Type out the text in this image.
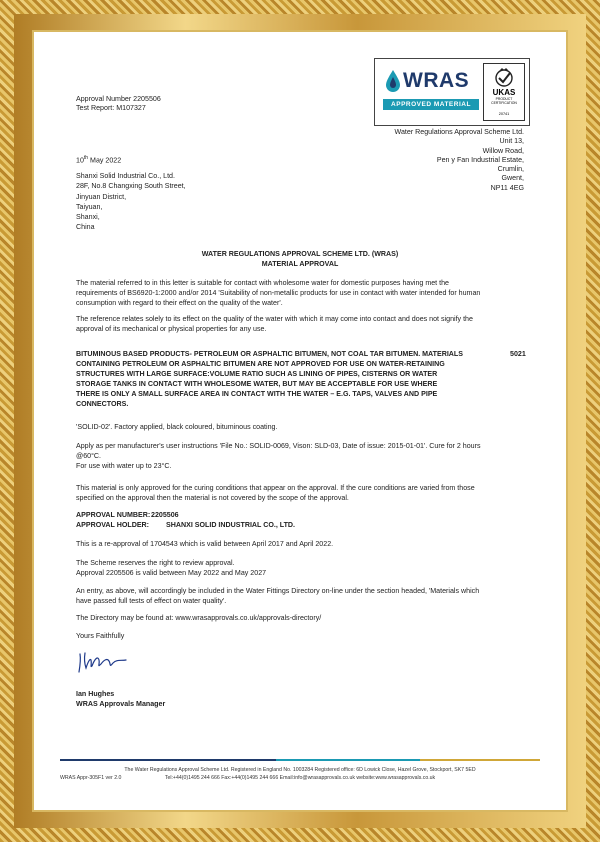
WRAS
APPROVED MATERIAL
UKAS
PRODUCT CERTIFICATION
20741
Approval Number 2205506
Test Report: M107327
Water Regulations Approval Scheme Ltd.
Unit 13,
Willow Road,
Pen y Fan Industrial Estate,
Crumlin,
Gwent,
NP11 4EG
10th May 2022
Shanxi Solid Industrial Co., Ltd.
28F, No.8 Changxing South Street,
Jinyuan District,
Taiyuan,
Shanxi,
China
WATER REGULATIONS APPROVAL SCHEME LTD. (WRAS)
MATERIAL APPROVAL
The material referred to in this letter is suitable for contact with wholesome water for domestic purposes having met the
requirements of BS6920-1:2000 and/or 2014 'Suitability of non-metallic products for use in contact with water intended for human
consumption with regard to their effect on the quality of the water'.
The reference relates solely to its effect on the quality of the water with which it may come into contact and does not signify the
approval of its mechanical or physical properties for any use.
BITUMINOUS BASED PRODUCTS- PETROLEUM OR ASPHALTIC BITUMEN, NOT COAL TAR BITUMEN. MATERIALS
CONTAINING PETROLEUM OR ASPHALTIC BITUMEN ARE NOT APPROVED FOR USE ON WATER-RETAINING
STRUCTURES WITH LARGE SURFACE:VOLUME RATIO SUCH AS LINING OF PIPES, CISTERNS OR WATER
STORAGE TANKS IN CONTACT WITH WHOLESOME WATER, BUT MAY BE ACCEPTABLE FOR USE WHERE
THERE IS ONLY A SMALL SURFACE AREA IN CONTACT WITH THE WATER – E.G. TAPS, VALVES AND PIPE
CONNECTORS.
5021
'SOLID-02'. Factory applied, black coloured, bituminous coating.
Apply as per manufacturer's user instructions 'File No.: SOLID-0069, Vison: SLD-03, Date of issue: 2015-01-01'. Cure for 2 hours
@60°C.
For use with water up to 23°C.
This material is only approved for the curing conditions that appear on the approval. If the cure conditions are varied from those
specified on the approval then the material is not covered by the scope of the approval.
APPROVAL NUMBER: 2205506
APPROVAL HOLDER: SHANXI SOLID INDUSTRIAL CO., LTD.
This is a re-approval of 1704543 which is valid between April 2017 and April 2022.
The Scheme reserves the right to review approval.
Approval 2205506 is valid between May 2022 and May 2027
An entry, as above, will accordingly be included in the Water Fittings Directory on-line under the section headed, 'Materials which
have passed full tests of effect on water quality'.
The Directory may be found at: www.wrasapprovals.co.uk/approvals-directory/
Yours Faithfully
Ian Hughes
WRAS Approvals Manager
The Water Regulations Approval Scheme Ltd. Registered in England No. 1003284 Registered office: 6D Lowick Close, Hazel Grove, Stockport, SK7 5ED
WRAS Appr-305F1 ver 2.0	Tel:+44(0)1495 244 666 Fax:+44(0)1495 244 666 Email:info@wrasapprovals.co.uk website:www.wrasapprovals.co.uk
